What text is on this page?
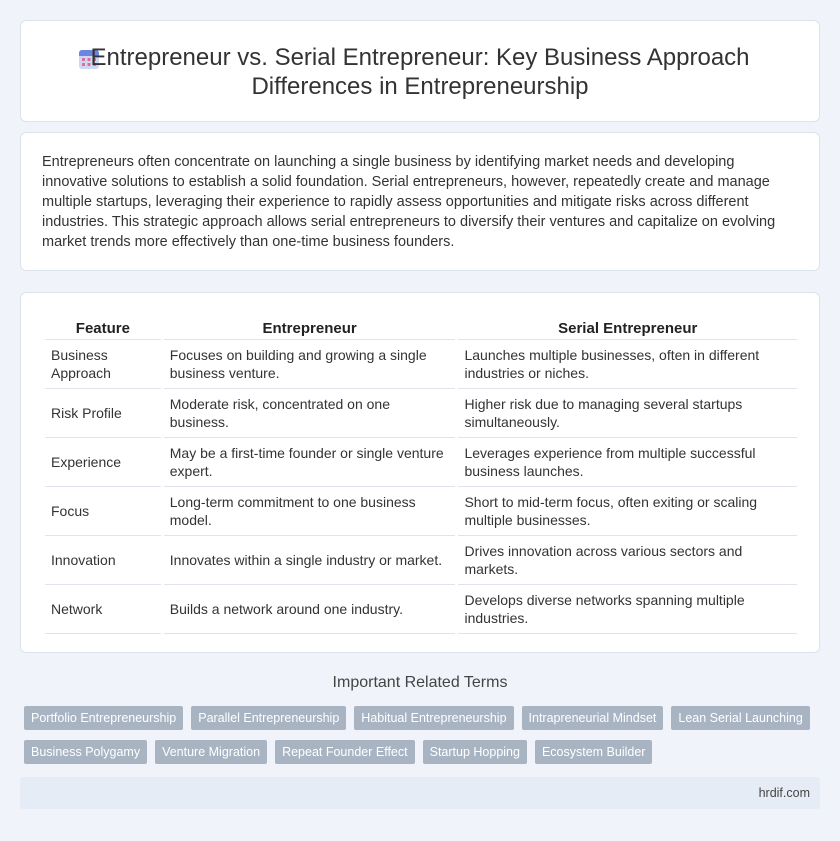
Entrepreneur vs. Serial Entrepreneur: Key Business Approach
Differences in Entrepreneurship

Entrepreneurs often concentrate on launching a single business by identifying market needs and developing innovative solutions to establish a solid foundation. Serial entrepreneurs, however, repeatedly create and manage multiple startups, leveraging their experience to rapidly assess opportunities and mitigate risks across different industries. This strategic approach allows serial entrepreneurs to diversify their ventures and capitalize on evolving market trends more effectively than one-time business founders.

Feature	Entrepreneur	Serial Entrepreneur
Business Approach	Focuses on building and growing a single business venture.	Launches multiple businesses, often in different industries or niches.
Risk Profile	Moderate risk, concentrated on one business.	Higher risk due to managing several startups simultaneously.
Experience	May be a first-time founder or single venture expert.	Leverages experience from multiple successful business launches.
Focus	Long-term commitment to one business model.	Short to mid-term focus, often exiting or scaling multiple businesses.
Innovation	Innovates within a single industry or market.	Drives innovation across various sectors and markets.
Network	Builds a network around one industry.	Develops diverse networks spanning multiple industries.
Important Related Terms
Portfolio Entrepreneurship	Parallel Entrepreneurship	Habitual Entrepreneurship	Intrapreneurial Mindset	Lean Serial Launching
Business Polygamy	Venture Migration	Repeat Founder Effect	Startup Hopping	Ecosystem Builder
hrdif.com
